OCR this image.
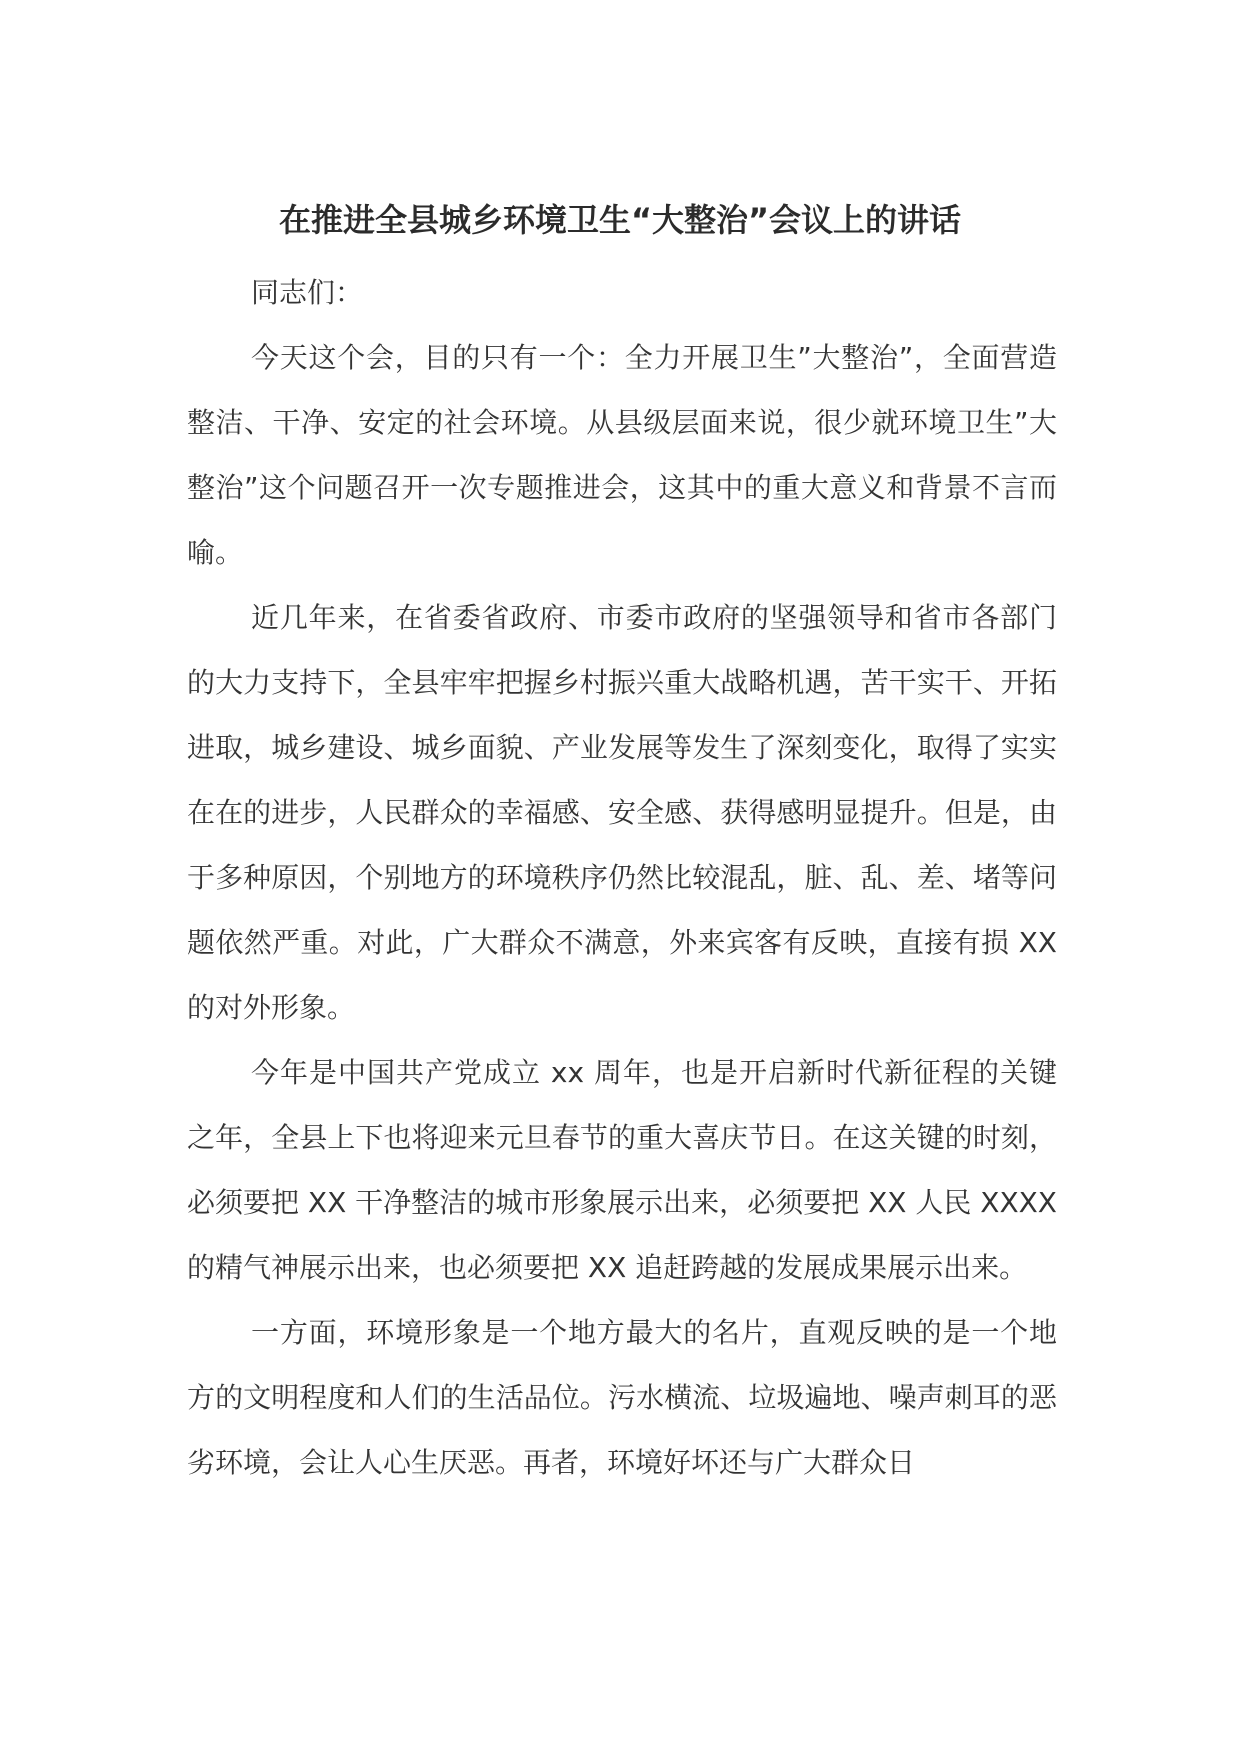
在推进全县城乡环境卫生“大整治”会议上的讲话

同志们：

今天这个会，目的只有一个：全力开展卫生”大整治”，全面营造整洁、干净、安定的社会环境。从县级层面来说，很少就环境卫生”大整治”这个问题召开一次专题推进会，这其中的重大意义和背景不言而喻。

近几年来，在省委省政府、市委市政府的坚强领导和省市各部门的大力支持下，全县牢牢把握乡村振兴重大战略机遇，苦干实干、开拓进取，城乡建设、城乡面貌、产业发展等发生了深刻变化，取得了实实在在的进步，人民群众的幸福感、安全感、获得感明显提升。但是，由于多种原因，个别地方的环境秩序仍然比较混乱，脏、乱、差、堵等问题依然严重。对此，广大群众不满意，外来宾客有反映，直接有损 XX 的对外形象。

今年是中国共产党成立 xx 周年，也是开启新时代新征程的关键之年，全县上下也将迎来元旦春节的重大喜庆节日。在这关键的时刻，必须要把 XX 干净整洁的城市形象展示出来，必须要把 XX 人民 XXXX 的精气神展示出来，也必须要把 XX 追赶跨越的发展成果展示出来。

一方面，环境形象是一个地方最大的名片，直观反映的是一个地方的文明程度和人们的生活品位。污水横流、垃圾遍地、噪声刺耳的恶劣环境，会让人心生厌恶。再者，环境好坏还与广大群众日
